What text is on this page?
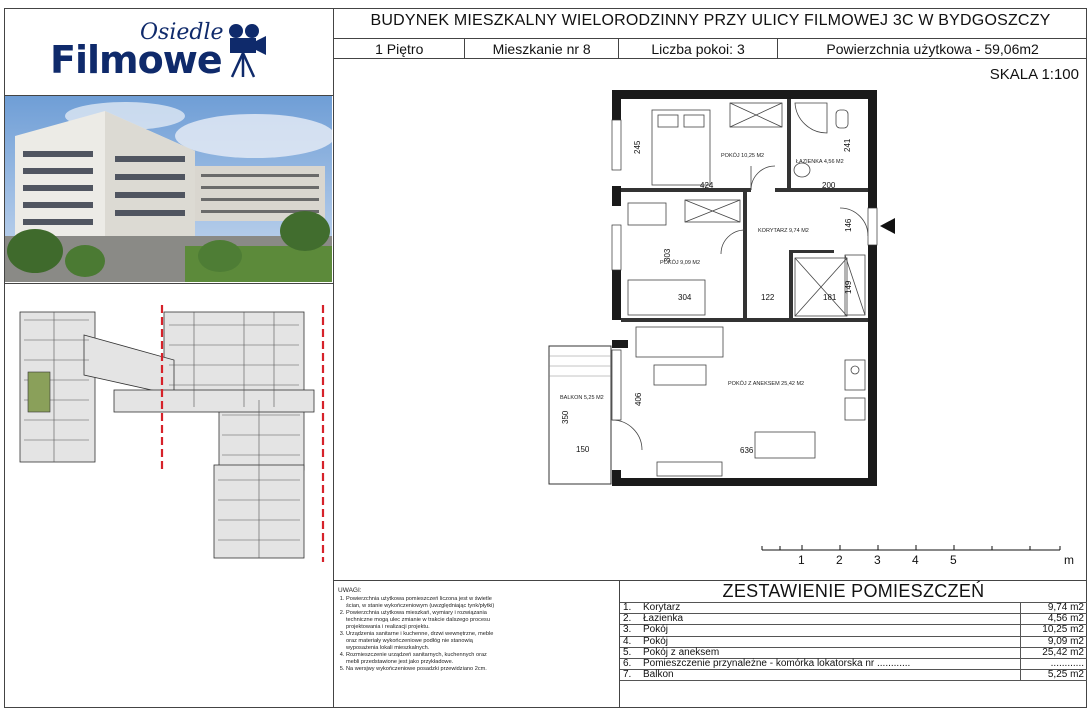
Osiedle
Filmowe
BUDYNEK MIESZKALNY WIELORODZINNY PRZY ULICY FILMOWEJ 3C W BYDGOSZCZY
1 Piętro	Mieszkanie nr 8	Liczba pokoi: 3	Powierzchnia użytkowa - 59,06m2
SKALA 1:100
POKÓJ 10,25 M2
ŁAZIENKA 4,56 M2
KORYTARZ 9,74 M2
POKÓJ 9,09 M2
POKÓJ Z ANEKSEM 25,42 M2
BALKON 5,25 M2
245
424
241
200
303
304	122	181
146
149
406
636
350
150
1	2	3	4	5	m
UWAGI:
1. Powierzchnia użytkowa pomieszczeń liczona jest w świetle ścian, w stanie wykończeniowym (uwzględniając tynk/płytki)
2. Powierzchnia użytkowa mieszkań, wymiary i rozwiązania techniczne mogą ulec zmianie w trakcie dalszego procesu projektowania i realizacji projektu.
3. Urządzenia sanitarne i kuchenne, drzwi wewnętrzne, meble oraz materiały wykończeniowe podłóg nie stanowią wyposażenia lokali mieszkalnych.
4. Rozmieszczenie urządzeń sanitarnych, kuchennych oraz mebli przedstawione jest jako przykładowe.
5. Na wersjwy wykończeniowe posadzki przewidziano 2cm.
ZESTAWIENIE POMIESZCZEŃ
1.	Korytarz	9,74 m2
2.	Łazienka	4,56 m2
3.	Pokój	10,25 m2
4.	Pokój	9,09 m2
5.	Pokój z aneksem	25,42 m2
6.	Pomieszczenie przynależne - komórka lokatorska nr ............	............
7.	Balkon	5,25 m2
